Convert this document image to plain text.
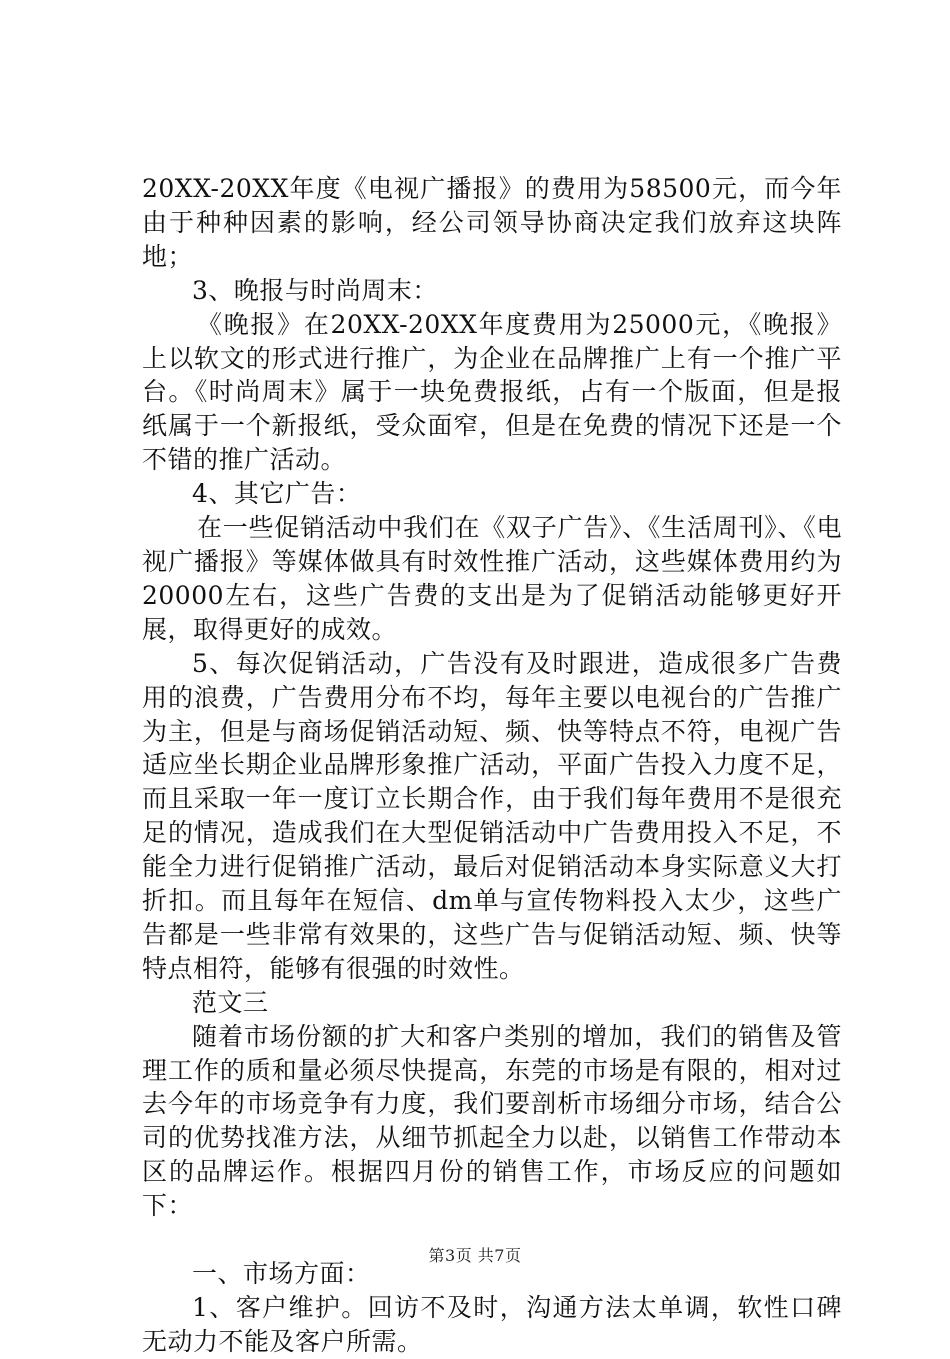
20XX-20XX年度《电视广播报》的费用为58500元，而今年由于种种因素的影响，经公司领导协商决定我们放弃这块阵地；

3、晚报与时尚周末：

《晚报》在20XX-20XX年度费用为25000元，《晚报》上以软文的形式进行推广，为企业在品牌推广上有一个推广平台。《时尚周末》属于一块免费报纸，占有一个版面，但是报纸属于一个新报纸，受众面窄，但是在免费的情况下还是一个不错的推广活动。

4、其它广告：

在一些促销活动中我们在《双子广告》、《生活周刊》、《电视广播报》等媒体做具有时效性推广活动，这些媒体费用约为20000左右，这些广告费的支出是为了促销活动能够更好开展，取得更好的成效。

5、每次促销活动，广告没有及时跟进，造成很多广告费用的浪费，广告费用分布不均，每年主要以电视台的广告推广为主，但是与商场促销活动短、频、快等特点不符，电视广告适应坐长期企业品牌形象推广活动，平面广告投入力度不足，而且采取一年一度订立长期合作，由于我们每年费用不是很充足的情况，造成我们在大型促销活动中广告费用投入不足，不能全力进行促销推广活动，最后对促销活动本身实际意义大打折扣。而且每年在短信、dm单与宣传物料投入太少，这些广告都是一些非常有效果的，这些广告与促销活动短、频、快等特点相符，能够有很强的时效性。

范文三

随着市场份额的扩大和客户类别的增加，我们的销售及管理工作的质和量必须尽快提高，东莞的市场是有限的，相对过去今年的市场竞争有力度，我们要剖析市场细分市场，结合公司的优势找准方法，从细节抓起全力以赴，以销售工作带动本区的品牌运作。根据四月份的销售工作，市场反应的问题如下：

一、市场方面：

1、客户维护。回访不及时，沟通方法太单调，软性口碑无动力不能及客户所需。

第3页 共7页
